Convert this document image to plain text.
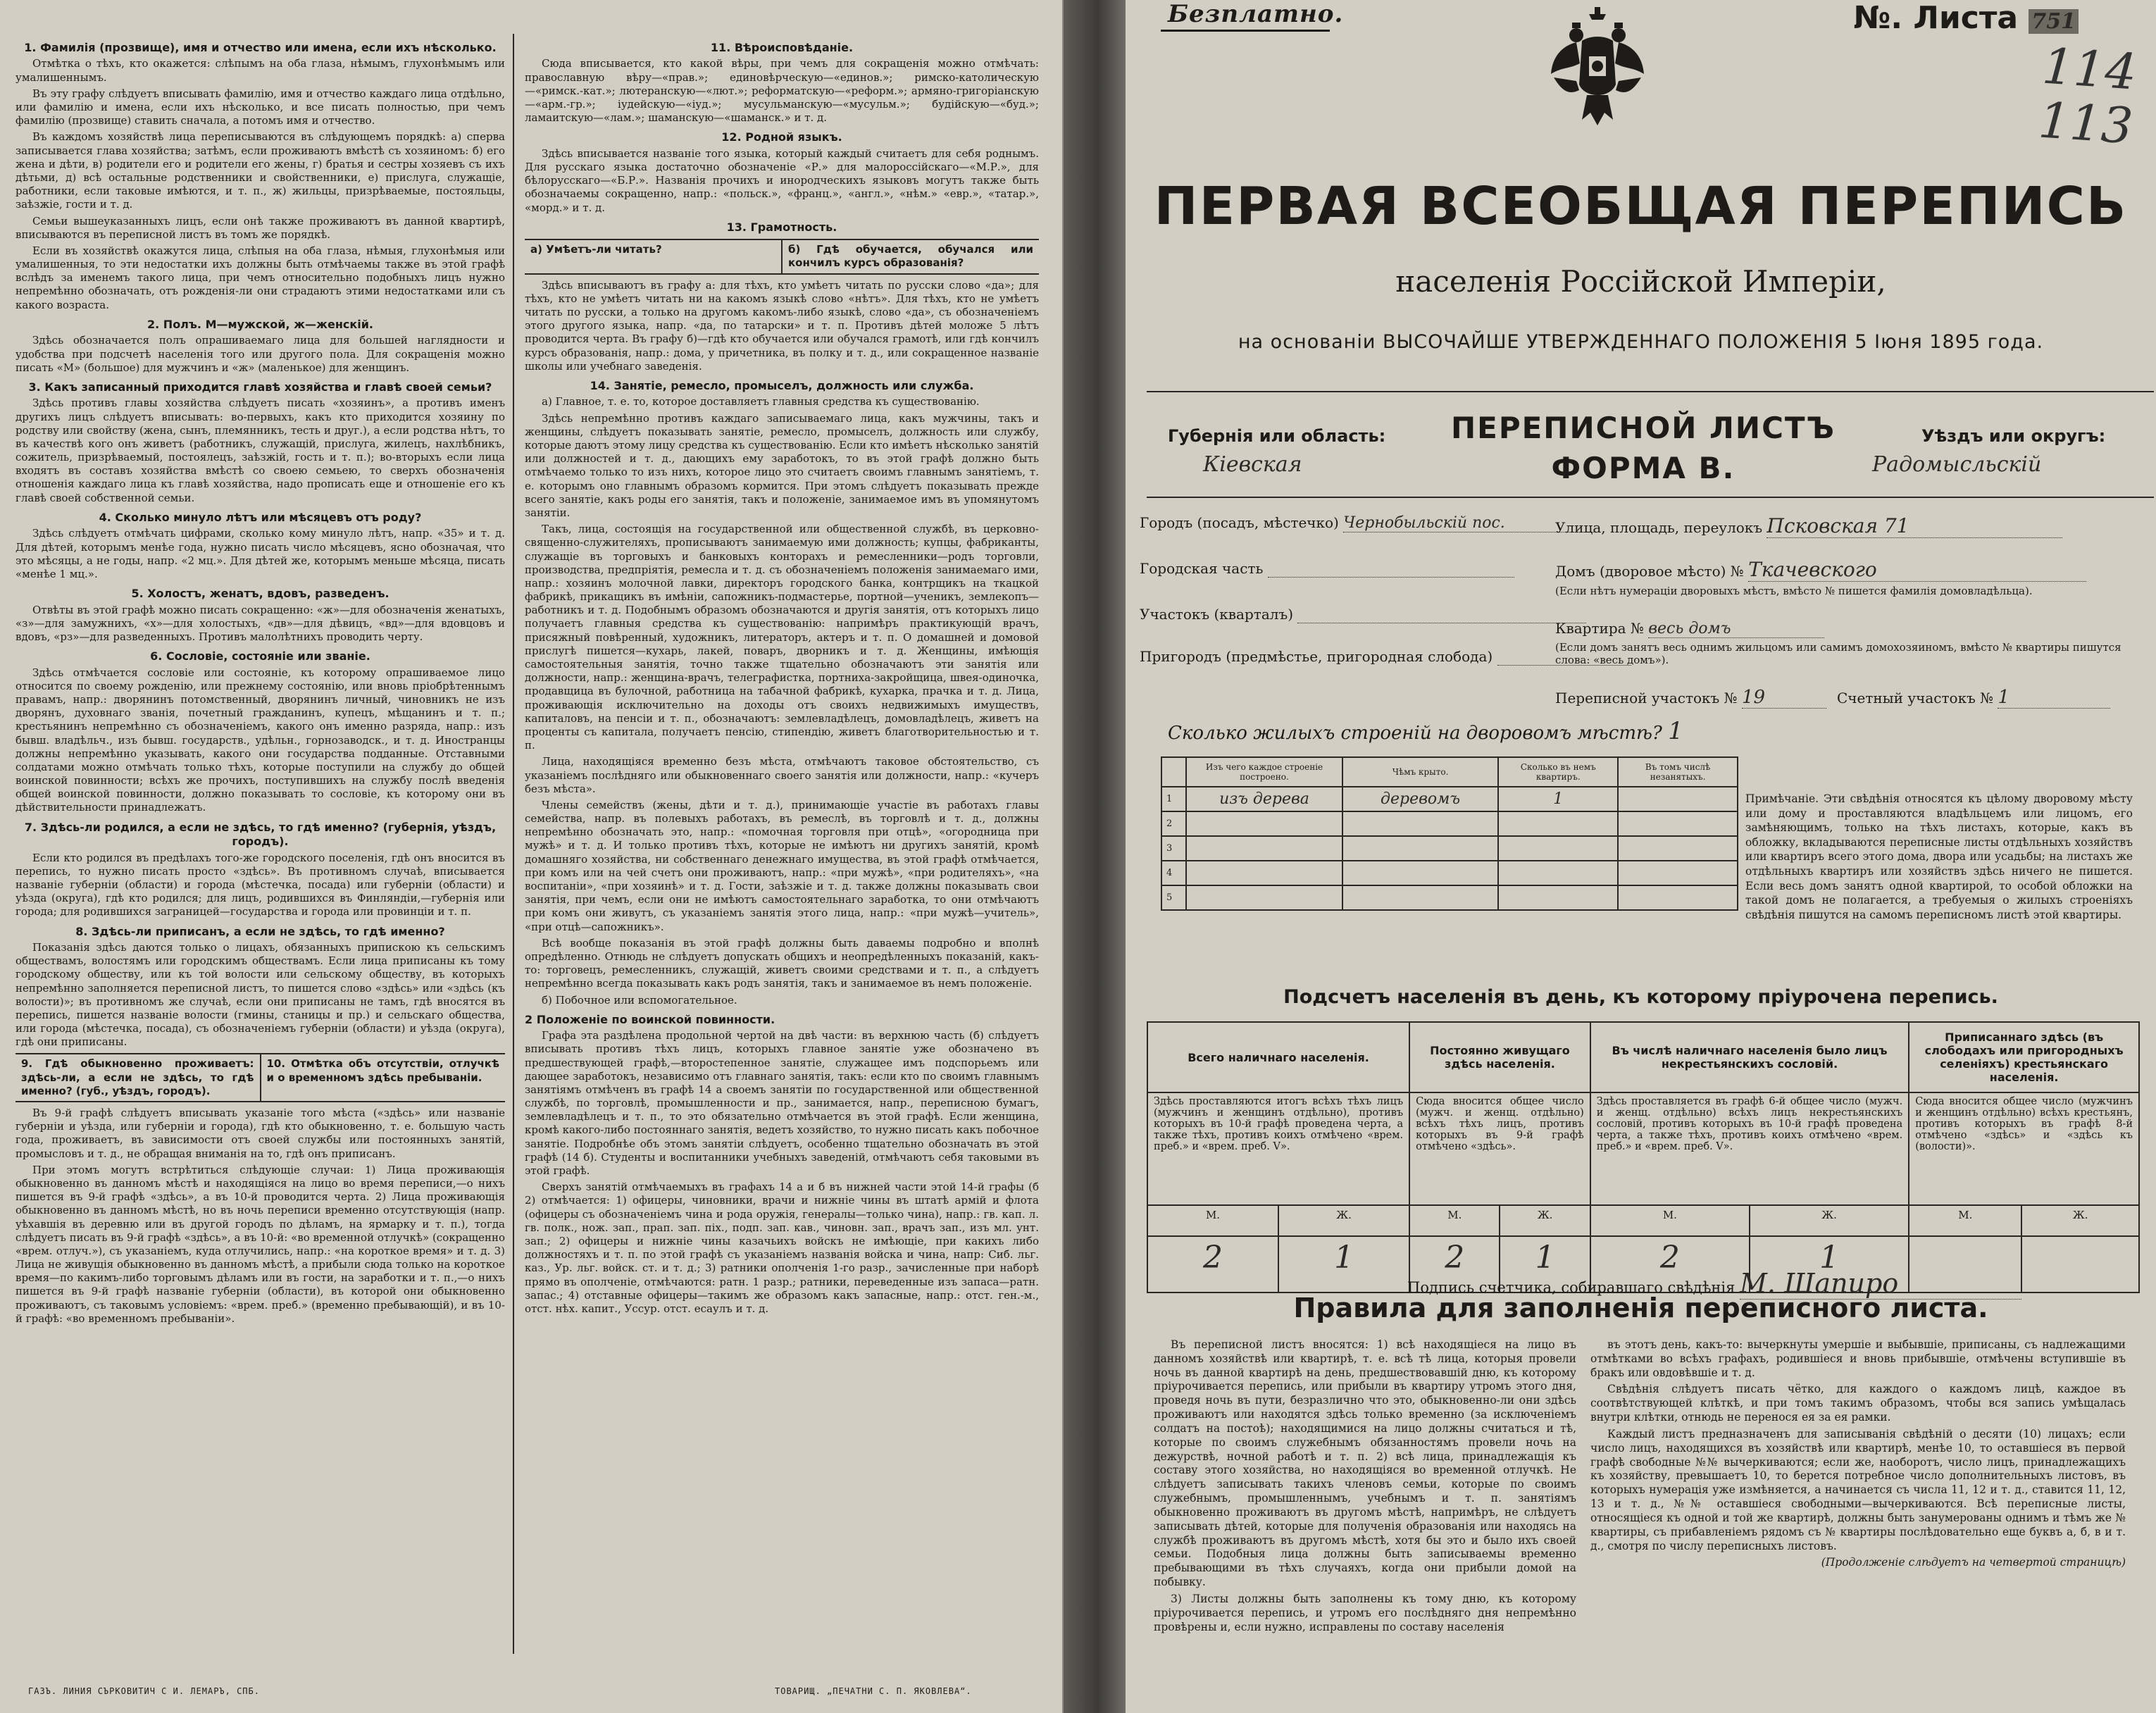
1. Фамилія (прозвище), имя и отчество или имена, если ихъ нѣсколько.

Отмѣтка о тѣхъ, кто окажется: слѣпымъ на оба глаза, нѣмымъ, глухонѣмымъ или умалишеннымъ.

Въ эту графу слѣдуетъ вписывать фамилію, имя и отчество каждаго лица отдѣльно, или фамилію и имена, если ихъ нѣсколько, и все писать полностью, при чемъ фамилію (прозвище) ставить сначала, а потомъ имя и отчество.

Въ каждомъ хозяйствѣ лица переписываются въ слѣдующемъ порядкѣ: а) сперва записывается глава хозяйства; затѣмъ, если проживаютъ вмѣстѣ съ хозяиномъ: б) его жена и дѣти, в) родители его и родители его жены, г) братья и сестры хозяевъ съ ихъ дѣтьми, д) всѣ остальные родственники и свойственники, е) прислуга, служащіе, работники, если таковые имѣются, и т. п., ж) жильцы, призрѣваемые, постояльцы, заѣзжіе, гости и т. д.

Семьи вышеуказанныхъ лицъ, если онѣ также проживаютъ въ данной квартирѣ, вписываются въ переписной листъ въ томъ же порядкѣ.

Если въ хозяйствѣ окажутся лица, слѣпыя на оба глаза, нѣмыя, глухонѣмыя или умалишенныя, то эти недостатки ихъ должны быть отмѣчаемы также въ этой графѣ вслѣдъ за именемъ такого лица, при чемъ относительно подобныхъ лицъ нужно непремѣнно обозначать, отъ рожденія-ли они страдаютъ этими недостатками или съ какого возраста.

2. Полъ. М—мужской, ж—женскій.

Здѣсь обозначается полъ опрашиваемаго лица для большей наглядности и удобства при подсчетѣ населенія того или другого пола. Для сокращенія можно писать «М» (большое) для мужчинъ и «ж» (маленькое) для женщинъ.

3. Какъ записанный приходится главѣ хозяйства и главѣ своей семьи?

Здѣсь противъ главы хозяйства слѣдуетъ писать «хозяинъ», а противъ именъ другихъ лицъ слѣдуетъ вписывать: во-первыхъ, какъ кто приходится хозяину по родству или свойству (жена, сынъ, племянникъ, тесть и друг.), а если родства нѣтъ, то въ качествѣ кого онъ живетъ (работникъ, служащій, прислуга, жилецъ, нахлѣбникъ, сожитель, призрѣваемый, постоялецъ, заѣзжій, гость и т. п.); во-вторыхъ если лица входятъ въ составъ хозяйства вмѣстѣ со своею семьею, то сверхъ обозначенія отношенія каждаго лица къ главѣ хозяйства, надо прописать еще и отношеніе его къ главѣ своей собственной семьи.

4. Сколько минуло лѣтъ или мѣсяцевъ отъ роду?

Здѣсь слѣдуетъ отмѣчать цифрами, сколько кому минуло лѣтъ, напр. «35» и т. д. Для дѣтей, которымъ менѣе года, нужно писать число мѣсяцевъ, ясно обозначая, что это мѣсяцы, а не годы, напр. «2 мц.». Для дѣтей же, которымъ меньше мѣсяца, писать «менѣе 1 мц.».

5. Холостъ, женатъ, вдовъ, разведенъ.

Отвѣты въ этой графѣ можно писать сокращенно: «ж»—для обозначенія женатыхъ, «з»—для замужнихъ, «х»—для холостыхъ, «дв»—для дѣвицъ, «вд»—для вдовцовъ и вдовъ, «рз»—для разведенныхъ. Противъ малолѣтнихъ проводить черту.

6. Сословіе, состояніе или званіе.

Здѣсь отмѣчается сословіе или состояніе, къ которому опрашиваемое лицо относится по своему рожденію, или прежнему состоянію, или вновь пріобрѣтеннымъ правамъ, напр.: дворянинъ потомственный, дворянинъ личный, чиновникъ не изъ дворянъ, духовнаго званія, почетный гражданинъ, купецъ, мѣщанинъ и т. п.; крестьянинъ непремѣнно съ обозначеніемъ, какого онъ именно разряда, напр.: изъ бывш. владѣльч., изъ бывш. государств., удѣльн., горнозаводск., и т. д. Иностранцы должны непремѣнно указывать, какого они государства подданные. Отставными солдатами можно отмѣчать только тѣхъ, которые поступили на службу до общей воинской повинности; всѣхъ же прочихъ, поступившихъ на службу послѣ введенія общей воинской повинности, должно показывать то сословіе, къ которому они въ дѣйствительности принадлежатъ.

7. Здѣсь-ли родился, а если не здѣсь, то гдѣ именно? (губернія, уѣздъ, городъ).

Если кто родился въ предѣлахъ того-же городского поселенія, гдѣ онъ вносится въ перепись, то нужно писать просто «здѣсь». Въ противномъ случаѣ, вписывается названіе губерніи (области) и города (мѣстечка, посада) или губерніи (области) и уѣзда (округа), гдѣ кто родился; для лицъ, родившихся въ Финляндіи,—губернія или города; для родившихся заграницей—государства и города или провинціи и т. п.

8. Здѣсь-ли приписанъ, а если не здѣсь, то гдѣ именно?

Показанія здѣсь даются только о лицахъ, обязанныхъ припискою къ сельскимъ обществамъ, волостямъ или городскимъ обществамъ. Если лица приписаны къ тому городскому обществу, или къ той волости или сельскому обществу, въ которыхъ непремѣнно заполняется переписной листъ, то пишется слово «здѣсь» или «здѣсь (къ волости)»; въ противномъ же случаѣ, если они приписаны не тамъ, гдѣ вносятся въ перепись, пишется названіе волости (гмины, станицы и пр.) и сельскаго общества, или города (мѣстечка, посада), съ обозначеніемъ губерніи (области) и уѣзда (округа), гдѣ они приписаны.

9. Гдѣ обыкновенно проживаетъ: здѣсь-ли, а если не здѣсь, то гдѣ именно? (губ., уѣздъ, городъ).
10. Отмѣтка объ отсутствіи, отлучкѣ и о временномъ здѣсь пребываніи.

Въ 9-й графѣ слѣдуетъ вписывать указаніе того мѣста («здѣсь» или названіе губерніи и уѣзда, или губерніи и города), гдѣ кто обыкновенно, т. е. большую часть года, проживаетъ, въ зависимости отъ своей службы или постоянныхъ занятій, промысловъ и т. д., не обращая вниманія на то, гдѣ онъ приписанъ.

При этомъ могутъ встрѣтиться слѣдующіе случаи: 1) Лица проживающія обыкновенно въ данномъ мѣстѣ и находящіяся на лицо во время переписи,—о нихъ пишется въ 9-й графѣ «здѣсь», а въ 10-й проводится черта. 2) Лица проживающія обыкновенно въ данномъ мѣстѣ, но въ ночь переписи временно отсутствующія (напр. уѣхавшія въ деревню или въ другой городъ по дѣламъ, на ярмарку и т. п.), тогда слѣдуетъ писать въ 9-й графѣ «здѣсь», а въ 10-й: «во временной отлучкѣ» (сокращенно «врем. отлуч.»), съ указаніемъ, куда отлучились, напр.: «на короткое время» и т. д. 3) Лица не живущія обыкновенно въ данномъ мѣстѣ, а прибыли сюда только на короткое время—по какимъ-либо торговымъ дѣламъ или въ гости, на заработки и т. п.,—о нихъ пишется въ 9-й графѣ названіе губерніи (области), въ которой они обыкновенно проживаютъ, съ таковымъ условіемъ: «врем. преб.» (временно пребывающій), и въ 10-й графѣ: «во временномъ пребываніи».

11. Вѣроисповѣданіе.

Сюда вписывается, кто какой вѣры, при чемъ для сокращенія можно отмѣчать: православную вѣру—«прав.»; единовѣрческую—«единов.»; римско-католическую—«римск.-кат.»; лютеранскую—«лют.»; реформатскую—«реформ.»; армяно-григоріанскую—«арм.-гр.»; іудейскую—«іуд.»; мусульманскую—«мусульм.»; будійскую—«буд.»; ламаитскую—«лам.»; шаманскую—«шаманск.» и т. д.

12. Родной языкъ.

Здѣсь вписывается названіе того языка, который каждый считаетъ для себя роднымъ. Для русскаго языка достаточно обозначеніе «Р.» для малороссійскаго—«М.Р.», для бѣлорусскаго—«Б.Р.». Названія прочихъ и инородческихъ языковъ могутъ также быть обозначаемы сокращенно, напр.: «польск.», «франц.», «англ.», «нѣм.» «евр.», «татар.», «морд.» и т. д.

13. Грамотность.
а) Умѣетъ-ли читать?	б) Гдѣ обучается, обучался или кончилъ курсъ образованія?

Здѣсь вписываютъ въ графу а: для тѣхъ, кто умѣетъ читать по русски слово «да»; для тѣхъ, кто не умѣетъ читать ни на какомъ языкѣ слово «нѣтъ». Для тѣхъ, кто не умѣетъ читать по русски, а только на другомъ какомъ-либо языкѣ, слово «да», съ обозначеніемъ этого другого языка, напр. «да, по татарски» и т. п. Противъ дѣтей моложе 5 лѣтъ проводится черта. Въ графу б)—гдѣ кто обучается или обучался грамотѣ, или гдѣ кончилъ курсъ образованія, напр.: дома, у причетника, въ полку и т. д., или сокращенное названіе школы или учебнаго заведенія.

14. Занятіе, ремесло, промыселъ, должность или служба.

а) Главное, т. е. то, которое доставляетъ главныя средства къ существованію.

Здѣсь непремѣнно противъ каждаго записываемаго лица, какъ мужчины, такъ и женщины, слѣдуетъ показывать занятіе, ремесло, промыселъ, должность или службу, которые даютъ этому лицу средства къ существованію. Если кто имѣетъ нѣсколько занятій или должностей и т. д., дающихъ ему заработокъ, то въ этой графѣ должно быть отмѣчаемо только то изъ нихъ, которое лицо это считаетъ своимъ главнымъ занятіемъ, т. е. которымъ оно главнымъ образомъ кормится. При этомъ слѣдуетъ показывать прежде всего занятіе, какъ роды его занятія, такъ и положеніе, занимаемое имъ въ упомянутомъ занятіи.

Такъ, лица, состоящія на государственной или общественной службѣ, въ церковно-священно-служителяхъ, прописываютъ занимаемую ими должность; купцы, фабриканты, служащіе въ торговыхъ и банковыхъ конторахъ и ремесленники—родъ торговли, производства, предпріятія, ремесла и т. д. съ обозначеніемъ положенія занимаемаго ими, напр.: хозяинъ молочной лавки, директоръ городского банка, контрщикъ на ткацкой фабрикѣ, прикащикъ въ имѣніи, сапожникъ-подмастерье, портной—ученикъ, землекопъ—работникъ и т. д. Подобнымъ образомъ обозначаются и другія занятія, отъ которыхъ лицо получаетъ главныя средства къ существованію: напримѣръ практикующій врачъ, присяжный повѣренный, художникъ, литераторъ, актеръ и т. п. О домашней и домовой прислугѣ пишется—кухарь, лакей, поваръ, дворникъ и т. д. Женщины, имѣющія самостоятельныя занятія, точно также тщательно обозначаютъ эти занятія или должности, напр.: женщина-врачъ, телеграфистка, портниха-закройщица, швея-одиночка, продавщица въ булочной, работница на табачной фабрикѣ, кухарка, прачка и т. д. Лица, проживающія исключительно на доходы отъ своихъ недвижимыхъ имуществъ, капиталовъ, на пенсіи и т. п., обозначаютъ: землевладѣлецъ, домовладѣлецъ, живетъ на проценты съ капитала, получаетъ пенсію, стипендію, живетъ благотворительностью и т. п.

Лица, находящіяся временно безъ мѣста, отмѣчаютъ таковое обстоятельство, съ указаніемъ послѣдняго или обыкновеннаго своего занятія или должности, напр.: «кучеръ безъ мѣста».

Члены семействъ (жены, дѣти и т. д.), принимающіе участіе въ работахъ главы семейства, напр. въ полевыхъ работахъ, въ ремеслѣ, въ торговлѣ и т. д., должны непремѣнно обозначать это, напр.: «помочная торговля при отцѣ», «огородница при мужѣ» и т. д. И только противъ тѣхъ, которые не имѣютъ ни другихъ занятій, кромѣ домашняго хозяйства, ни собственнаго денежнаго имущества, въ этой графѣ отмѣчается, при комъ или на чей счетъ они проживаютъ, напр.: «при мужѣ», «при родителяхъ», «на воспитаніи», «при хозяинѣ» и т. д. Гости, заѣзжіе и т. д. также должны показывать свои занятія, при чемъ, если они не имѣютъ самостоятельнаго заработка, то они отмѣчаютъ при комъ они живутъ, съ указаніемъ занятія этого лица, напр.: «при мужѣ—учитель», «при отцѣ—сапожникъ».

Всѣ вообще показанія въ этой графѣ должны быть даваемы подробно и вполнѣ опредѣленно. Отнюдь не слѣдуетъ допускать общихъ и неопредѣленныхъ показаній, какъ-то: торговецъ, ремесленникъ, служащій, живетъ своими средствами и т. п., а слѣдуетъ непремѣнно всегда показывать какъ родъ занятія, такъ и занимаемое въ немъ положеніе.

б) Побочное или вспомогательное.

2 Положеніе по воинской повинности.

Графа эта раздѣлена продольной чертой на двѣ части: въ верхнюю часть (б) слѣдуетъ вписывать противъ тѣхъ лицъ, которыхъ главное занятіе уже обозначено въ предшествующей графѣ,—второстепенное занятіе, служащее имъ подспорьемъ или дающее заработокъ, независимо отъ главнаго занятія, такъ: если кто по своимъ главнымъ занятіямъ отмѣченъ въ графѣ 14 а своемъ занятіи по государственной или общественной службѣ, по торговлѣ, промышленности и пр., занимается, напр., переписною бумагъ, землевладѣлецъ и т. п., то это обязательно отмѣчается въ этой графѣ. Если женщина, кромѣ какого-либо постояннаго занятія, ведетъ хозяйство, то нужно писать какъ побочное занятіе. Подробнѣе объ этомъ занятіи слѣдуетъ, особенно тщательно обозначать въ этой графѣ (14 б). Студенты и воспитанники учебныхъ заведеній, отмѣчаютъ себя таковыми въ этой графѣ.

Сверхъ занятій отмѣчаемыхъ въ графахъ 14 а и б въ нижней части этой 14-й графы (б 2) отмѣчается: 1) офицеры, чиновники, врачи и нижніе чины въ штатѣ армій и флота (офицеры съ обозначеніемъ чина и рода оружія, генералы—только чина), напр.: гв. кап. л. гв. полк., нож. зап., прап. зап. піх., подп. зап. кав., чиновн. зап., врачъ зап., изъ мл. унт. зап.; 2) офицеры и нижніе чины казачьихъ войскъ не имѣющіе, при какихъ либо должностяхъ и т. п. по этой графѣ съ указаніемъ названія войска и чина, напр: Сиб. льг. каз., Ур. льг. войск. ст. и т. д.; 3) ратники ополченія 1-го разр., зачисленные при наборѣ прямо въ ополченіе, отмѣчаются: ратн. 1 разр.; ратники, переведенные изъ запаса—ратн. запас.; 4) отставные офицеры—такимъ же образомъ какъ запасные, напр.: отст. ген.-м., отст. нѣх. капит., Уссур. отст. есаулъ и т. д.

ГАЗЪ. ЛИНИЯ СЪРКОВИТИЧ С И. ЛЕМАРЪ, СПБ.	ТОВАРИЩ. „ПЕЧАТНИ С. П. ЯКОВЛЕВА“.
Безплатно.	№. Листа 751
114
113
ПЕРВАЯ ВСЕОБЩАЯ ПЕРЕПИСЬ
населенія Россійской Имперіи,
на основаніи ВЫСОЧАЙШЕ УТВЕРЖДЕННАГО ПОЛОЖЕНІЯ 5 Іюня 1895 года.
Губернія или область:
Кіевская
ПЕРЕПИСНОЙ ЛИСТЪ
ФОРМА В.
Уѣздъ или округъ:
Радомысльскій
Городъ (посадъ, мѣстечко) Чернобыльскій пос.	Улица, площадь, переулокъ Псковская 71
Городская часть	Домъ (дворовое мѣсто) № Ткачевского
(Если нѣтъ нумерацiи дворовыхъ мѣстъ, вмѣсто № пишется фамилія домовладѣльца).
Участокъ (кварталъ)
Квартира № весь домъ
(Если домъ занятъ весь однимъ жильцомъ или самимъ домохозяиномъ, вмѣсто № квартиры пишутся слова: «весь домъ»).
Пригородъ (предмѣстье, пригородная слобода)
Переписной участокъ № 19	Счетный участокъ № 1
Сколько жилыхъ строеній на дворовомъ мѣстѣ? 1
	Изъ чего каждое строеніе построено.	Чѣмъ крыто.	Сколько въ немъ квартиръ.	Въ томъ числѣ незанятыхъ.
1	изъ дерева	деревомъ	1	
2				
3				
4				
5				
Примѣчаніе. Эти свѣдѣнія относятся къ цѣлому дворовому мѣсту или дому и проставляются владѣльцемъ или лицомъ, его замѣняющимъ, только на тѣхъ листахъ, которые, какъ въ обложку, вкладываются переписные листы отдѣльныхъ хозяйствъ или квартиръ всего этого дома, двора или усадьбы; на листахъ же отдѣльныхъ квартиръ или хозяйствъ здѣсь ничего не пишется. Если весь домъ занятъ одной квартирой, то особой обложки на такой домъ не полагается, а требуемыя о жилыхъ строеніяхъ свѣдѣнія пишутся на самомъ переписномъ листѣ этой квартиры.
Подсчетъ населенія въ день, къ которому пріурочена перепись.
Всего наличнаго населенія.		Постоянно живущаго здѣсь населенія.		Въ числѣ наличнаго населенія было лицъ некрестьянскихъ сословій.		Приписаннаго здѣсь (въ слободахъ или пригородныхъ селеніяхъ) крестьянскаго населенія.	
Здѣсь проставляются итогъ всѣхъ тѣхъ лицъ (мужчинъ и женщинъ отдѣльно), противъ которыхъ въ 10-й графѣ проведена черта, а также тѣхъ, противъ коихъ отмѣчено «врем. преб.» и «врем. преб. V».		Сюда вносится общее число (мужч. и женщ. отдѣльно) всѣхъ тѣхъ лицъ, противъ которыхъ въ 9-й графѣ отмѣчено «здѣсь».		Здѣсь проставляется въ графѣ 6-й общее число (мужч. и женщ. отдѣльно) всѣхъ лицъ некрестьянскихъ сословій, противъ которыхъ въ 10-й графѣ проведена черта, а также тѣхъ, противъ коихъ отмѣчено «врем. преб.» и «врем. преб. V».		Сюда вносится общее число (мужчинъ и женщинъ отдѣльно) всѣхъ крестьянъ, противъ которыхъ въ графѣ 8-й отмѣчено «здѣсь» и «здѣсь къ (волости)».	
М.	Ж.	М.	Ж.	М.	Ж.	М.	Ж.
2	1	2	1	2	1		
Подпись счетчика, собиравшаго свѣдѣнія М. Шапиро
Правила для заполненія переписного листа.

Въ переписной листъ вносятся: 1) всѣ находящіеся на лицо въ данномъ хозяйствѣ или квартирѣ, т. е. всѣ тѣ лица, которыя провели ночь въ данной квартирѣ на день, предшествовавшій дню, къ которому пріурочивается перепись, или прибыли въ квартиру утромъ этого дня, проведя ночь въ пути, безразлично что это, обыкновенно-ли они здѣсь проживаютъ или находятся здѣсь только временно (за исключеніемъ солдатъ на постоѣ); находящимися на лицо должны считаться и тѣ, которые по своимъ служебнымъ обязанностямъ провели ночь на дежурствѣ, ночной работѣ и т. п. 2) всѣ лица, принадлежащія къ составу этого хозяйства, но находящіяся во временной отлучкѣ. Не слѣдуетъ записывать такихъ членовъ семьи, которые по своимъ служебнымъ, промышленнымъ, учебнымъ и т. п. занятіямъ обыкновенно проживаютъ въ другомъ мѣстѣ, напримѣръ, не слѣдуетъ записывать дѣтей, которые для полученія образованія или находясь на службѣ проживаютъ въ другомъ мѣстѣ, хотя бы это и было ихъ своей семьи. Подобныя лица должны быть записываемы временно пребывающими въ тѣхъ случаяхъ, когда они прибыли домой на побывку.

3) Листы должны быть заполнены къ тому дню, къ которому пріурочивается перепись, и утромъ его послѣдняго дня непремѣнно провѣрены и, если нужно, исправлены по составу населенія

въ этотъ день, какъ-то: вычеркнуты умершіе и выбывшіе, приписаны, съ надлежащими отмѣтками во всѣхъ графахъ, родившіеся и вновь прибывшіе, отмѣчены вступившіе въ бракъ или овдовѣвшіе и т. д.

Свѣдѣнія слѣдуетъ писать чётко, для каждого о каждомъ лицѣ, каждое въ соотвѣтствующей клѣткѣ, и при томъ такимъ образомъ, чтобы вся запись умѣщалась внутри клѣтки, отнюдь не перенося ея за ея рамки.

Каждый листъ предназначенъ для записыванія свѣдѣній о десяти (10) лицахъ; если число лицъ, находящихся въ хозяйствѣ или квартирѣ, менѣе 10, то оставшіеся въ первой графѣ свободные №№ вычеркиваются; если же, наоборотъ, число лицъ, принадлежащихъ къ хозяйству, превышаетъ 10, то берется потребное число дополнительныхъ листовъ, въ которыхъ нумерація уже измѣняется, а начинается съ числа 11, 12 и т. д., ставится 11, 12, 13 и т. д., №№ оставшіеся свободными—вычеркиваются. Всѣ переписные листы, относящіеся къ одной и той же квартирѣ, должны быть занумерованы однимъ и тѣмъ же № квартиры, съ прибавленіемъ рядомъ съ № квартиры послѣдовательно еще буквъ а, б, в и т. д., смотря по числу переписныхъ листовъ.

(Продолженіе слѣдуетъ на четвертой страницѣ)
